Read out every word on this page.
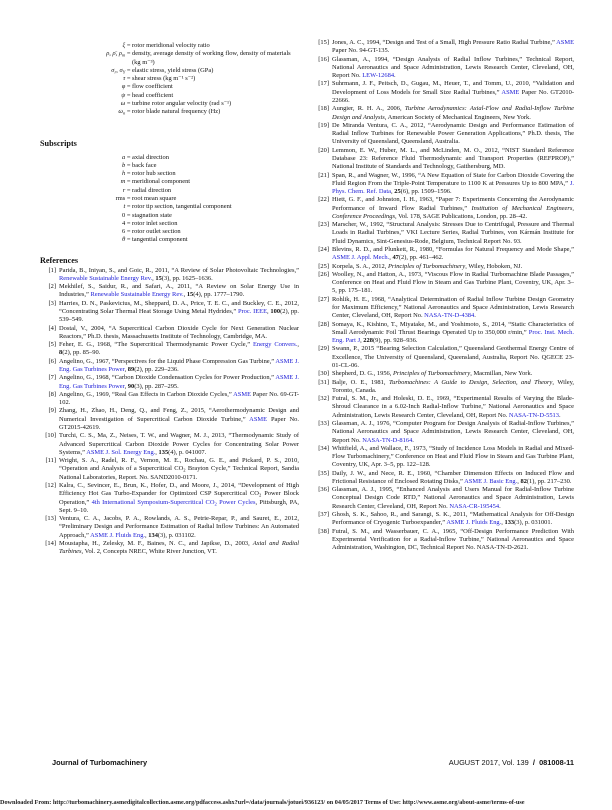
ξ = rotor meridional velocity ratio
ρ, ρ̄, $\rho_m$ = density, average density of working flow, density of materials (kg m⁻³)
$\sigma_r$, $\sigma_Y$ = elastic stress, yield stress (GPa)
τ = shear stress (kg m⁻¹ s⁻²)
φ = flow coefficient
ψ = head coefficient
ω = turbine rotor angular velocity (rad s⁻¹)
$\omega_n$ = rotor blade natural frequency (Hz)
Subscripts
a = axial direction
b = back face
h = rotor hub section
m = meridional component
r = radial direction
rms = root mean square
t = rotor tip section, tangential component
0 = stagnation state
4 = rotor inlet section
6 = rotor outlet section
θ = tangential component
References
[1] Parida, B., Iniyan, S., and Goic, R., 2011, “A Review of Solar Photovoltaic Technologies,” Renewable Sustainable Energy Rev., 15(3), pp. 1625–1636.
[2] Mekhilef, S., Saidur, R., and Safari, A., 2011, “A Review on Solar Energy Use in Industries,” Renewable Sustainable Energy Rev., 15(4), pp. 1777–1790.
[3] Harries, D. N., Paskevicius, M., Sheppard, D. A., Price, T. E. C., and Buckley, C. E., 2012, “Concentrating Solar Thermal Heat Storage Using Metal Hydrides,” Proc. IEEE, 100(2), pp. 539–549.
[4] Dostal, V., 2004, “A Supercritical Carbon Dioxide Cycle for Next Generation Nuclear Reactors,” Ph.D. thesis, Massachusetts Institute of Technology, Cambridge, MA.
[5] Feher, E. G., 1968, “The Supercritical Thermodynamic Power Cycle,” Energy Convers., 8(2), pp. 85–90.
[6] Angelino, G., 1967, “Perspectives for the Liquid Phase Compression Gas Turbine,” ASME J. Eng. Gas Turbines Power, 89(2), pp. 229–236.
[7] Angelino, G., 1968, “Carbon Dioxide Condensation Cycles for Power Production,” ASME J. Eng. Gas Turbines Power, 90(3), pp. 287–295.
[8] Angelino, G., 1969, “Real Gas Effects in Carbon Dioxide Cycles,” ASME Paper No. 69-GT-102.
[9] Zhang, H., Zhao, H., Deng, Q., and Feng, Z., 2015, “Aerothermodynamic Design and Numerical Investigation of Supercritical Carbon Dioxide Turbine,” ASME Paper No. GT2015-42619.
[10] Turchi, C. S., Ma, Z., Neises, T. W., and Wagner, M. J., 2013, “Thermodynamic Study of Advanced Supercritical Carbon Dioxide Power Cycles for Concentrating Solar Power Systems,” ASME J. Sol. Energy Eng., 135(4), p. 041007.
[11] Wright, S. A., Radel, R. F., Vernon, M. E., Rochau, G. E., and Pickard, P. S., 2010, “Operation and Analysis of a Supercritical $CO_2$ Brayton Cycle,” Technical Report, Sandia National Laboratories, Report. No. SAND2010-0171.
[12] Kalra, C., Sevincer, E., Brun, K., Hofer, D., and Moore, J., 2014, “Development of High Efficiency Hot Gas Turbo-Expander for Optimized CSP Supercritical $CO_2$ Power Block Operation,” 4th International Symposium-Supercritical $CO_2$ Power Cycles, Pittsburgh, PA, Sept. 9–10.
[13] Ventura, C. A., Jacobs, P. A., Rowlands, A. S., Petrie-Repar, P., and Sauret, E., 2012, “Preliminary Design and Performance Estimation of Radial Inflow Turbines: An Automated Approach,” ASME J. Fluids Eng., 134(3), p. 031102.
[14] Moustapha, H., Zelesky, M. F., Baines, N. C., and Japikse, D., 2003, Axial and Radial Turbines, Vol. 2, Concepts NREC, White River Junction, VT.
[15] Jones, A. C., 1994, “Design and Test of a Small, High Pressure Ratio Radial Turbine,” ASME Paper No. 94-GT-135.
[16] Glassman, A., 1994, “Design Analysis of Radial Inflow Turbines,” Technical Report, National Aeronautics and Space Administration, Lewis Research Center, Cleveland, OH, Report No. LEW-12684.
[17] Suhrmann, J. F., Peitsch, D., Gugau, M., Heuer, T., and Tomm, U., 2010, “Validation and Development of Loss Models for Small Size Radial Turbines,” ASME Paper No. GT2010-22666.
[18] Aungier, R. H. A., 2006, Turbine Aerodynamics: Axial-Flow and Radial-Inflow Turbine Design and Analysis, American Society of Mechanical Engineers, New York.
[19] De Miranda Ventura, C. A., 2012, “Aerodynamic Design and Performance Estimation of Radial Inflow Turbines for Renewable Power Generation Applications,” Ph.D. thesis, The University of Queensland, Queensland, Australia.
[20] Lemmon, E. W., Huber, M. L., and McLinden, M. O., 2012, “NIST Standard Reference Database 23: Reference Fluid Thermodynamic and Transport Properties (REFPROP),” National Institute of Standards and Technology, Gaithersburg, MD.
[21] Span, R., and Wagner, W., 1996, “A New Equation of State for Carbon Dioxide Covering the Fluid Region From the Triple-Point Temperature to 1100 K at Pressures Up to 800 MPA,” J. Phys. Chem. Ref. Data, 25(6), pp. 1509–1596.
[22] Hiett, G. F., and Johnston, I. H., 1963, “Paper 7: Experiments Concerning the Aerodynamic Performance of Inward Flow Radial Turbines,” Institution of Mechanical Engineers, Conference Proceedings, Vol. 178, SAGE Publications, London, pp. 28–42.
[23] Marscher, W., 1992, “Structural Analysis: Stresses Due to Centrifugal, Pressure and Thermal Loads in Radial Turbines,” VKI Lecture Series, Radial Turbines, von Kármán Institute for Fluid Dynamics, Sint-Genesius-Rode, Belgium, Technical Report No. 93.
[24] Blevins, R. D., and Plunkett, R., 1980, “Formulas for Natural Frequency and Mode Shape,” ASME J. Appl. Mech., 47(2), pp. 461–462.
[25] Korpela, S. A., 2012, Principles of Turbomachinery, Wiley, Hoboken, NJ.
[26] Woolley, N., and Hatton, A., 1973, “Viscous Flow in Radial Turbomachine Blade Passages,” Conference on Heat and Fluid Flow in Steam and Gas Turbine Plant, Coventry, UK, Apr. 3–5, pp. 175–181.
[27] Rohlik, H. E., 1968, “Analytical Determination of Radial Inflow Turbine Design Geometry for Maximum Efficiency,” National Aeronautics and Space Administration, Lewis Research Center, Cleveland, OH, Report No. NASA-TN-D-4384.
[28] Somaya, K., Kishino, T., Miyatake, M., and Yoshimoto, S., 2014, “Static Characteristics of Small Aerodynamic Foil Thrust Bearings Operated Up to 350,000 r/min,” Proc. Inst. Mech. Eng. Part J, 228(9), pp. 928–936.
[29] Swann, P., 2015 “Bearing Selection Calculation,” Queensland Geothermal Energy Centre of Excellence, The University of Queensland, Queensland, Australia, Report No. QGECE 23-01-CL-06.
[30] Shepherd, D. G., 1956, Principles of Turbomachinery, Macmillan, New York.
[31] Balje, O. E., 1981, Turbomachines: A Guide to Design, Selection, and Theory, Wiley, Toronto, Canada.
[32] Futral, S. M., Jr., and Holeski, D. E., 1969, “Experimental Results of Varying the Blade-Shroud Clearance in a 6.02-Inch Radial-Inflow Turbine,” National Aeronautics and Space Administration, Lewis Research Center, Cleveland, OH, Report No. NASA-TN-D-5513.
[33] Glassman, A. J., 1976, “Computer Program for Design Analysis of Radial-Inflow Turbines,” National Aeronautics and Space Administration, Lewis Research Center, Cleveland, OH, Report No. NASA-TN-D-8164.
[34] Whitfield, A., and Wallace, F., 1973, “Study of Incidence Loss Models in Radial and Mixed-Flow Turbomachinery,” Conference on Heat and Fluid Flow in Steam and Gas Turbine Plant, Coventry, UK, Apr. 3–5, pp. 122–128.
[35] Daily, J. W., and Nece, R. E., 1960, “Chamber Dimension Effects on Induced Flow and Frictional Resistance of Enclosed Rotating Disks,” ASME J. Basic Eng., 82(1), pp. 217–230.
[36] Glassman, A. J., 1995, “Enhanced Analysis and Users Manual for Radial-Inflow Turbine Conceptual Design Code RTD,” National Aeronautics and Space Administration, Lewis Research Center, Cleveland, OH, Report No. NASA-CR-195454.
[37] Ghosh, S. K., Sahoo, R., and Sarangi, S. K., 2011, “Mathematical Analysis for Off-Design Performance of Cryogenic Turboexpander,” ASME J. Fluids Eng., 133(3), p. 031001.
[38] Futral, S. M., and Wasserbauer, C. A., 1965, “Off-Design Performance Prediction With Experimental Verification for a Radial-Inflow Turbine,” National Aeronautics and Space Administration, Washington, DC, Technical Report No. NASA-TN-D-2621.
Journal of Turbomachinery	AUGUST 2017, Vol. 139 / 081008-11
Downloaded From: http://turbomachinery.asmedigitalcollection.asme.org/pdfaccess.ashx?url=/data/journals/jotuei/936123/ on 04/05/2017 Terms of Use: http://www.asme.org/about-asme/terms-of-use
